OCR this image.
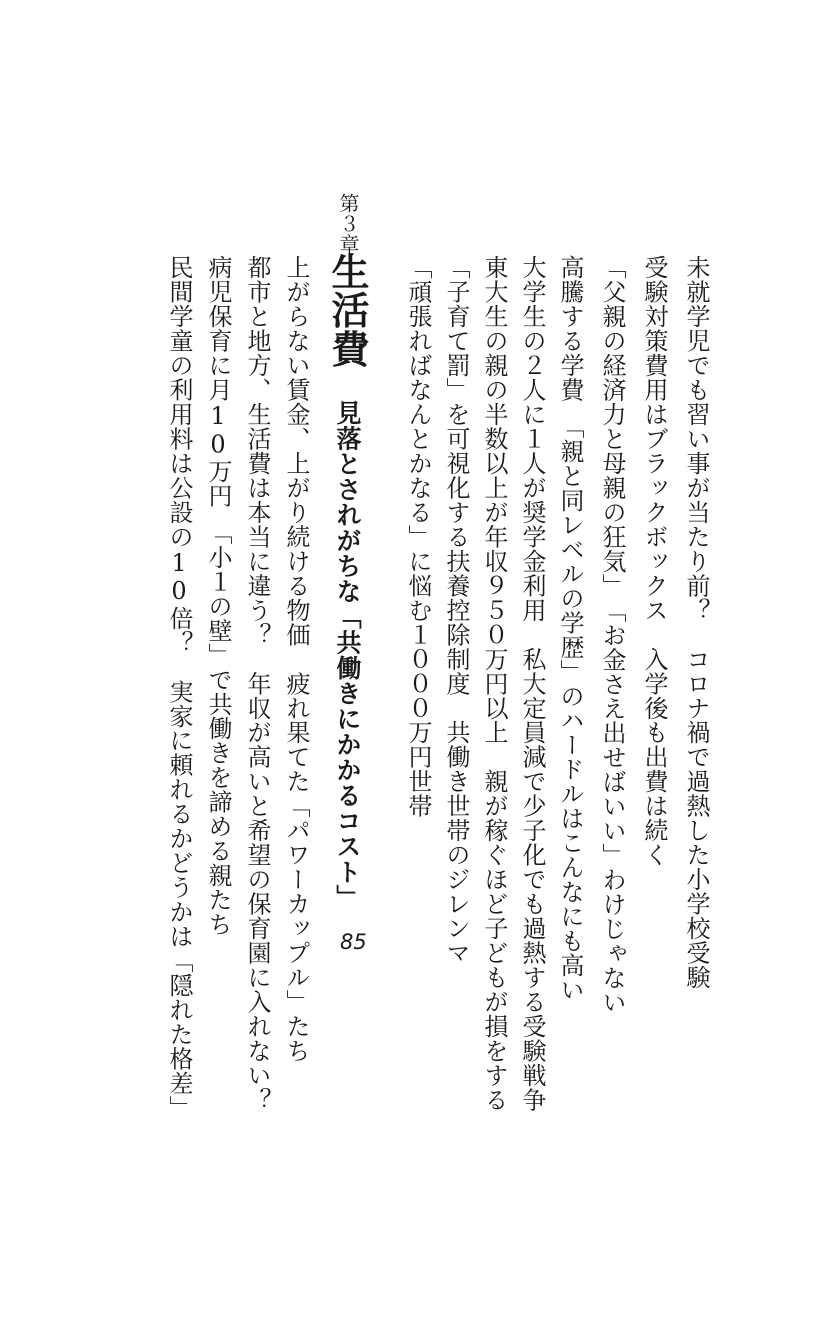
未就学児でも習い事が当たり前？　コロナ禍で過熱した小学校受験
受験対策費用はブラックボックス　入学後も出費は続く
「父親の経済力と母親の狂気」　「お金さえ出せばいい」わけじゃない
高騰する学費　「親と同レベルの学歴」のハードルはこんなにも高い
大学生の２人に１人が奨学金利用　私大定員減で少子化でも過熱する受験戦争
東大生の親の半数以上が年収９５０万円以上　親が稼ぐほど子どもが損をする
「子育て罰」を可視化する扶養控除制度　共働き世帯のジレンマ
「頑張ればなんとかなる」に悩む１０００万円世帯
第３章
生活費
見落とされがちな「共働きにかかるコスト」
85
上がらない賃金、上がり続ける物価　疲れ果てた「パワーカップル」たち
都市と地方、生活費は本当に違う？　年収が高いと希望の保育園に入れない？
病児保育に月10万円　「小１の壁」で共働きを諦める親たち
民間学童の利用料は公設の10倍？　実家に頼れるかどうかは「隠れた格差」
